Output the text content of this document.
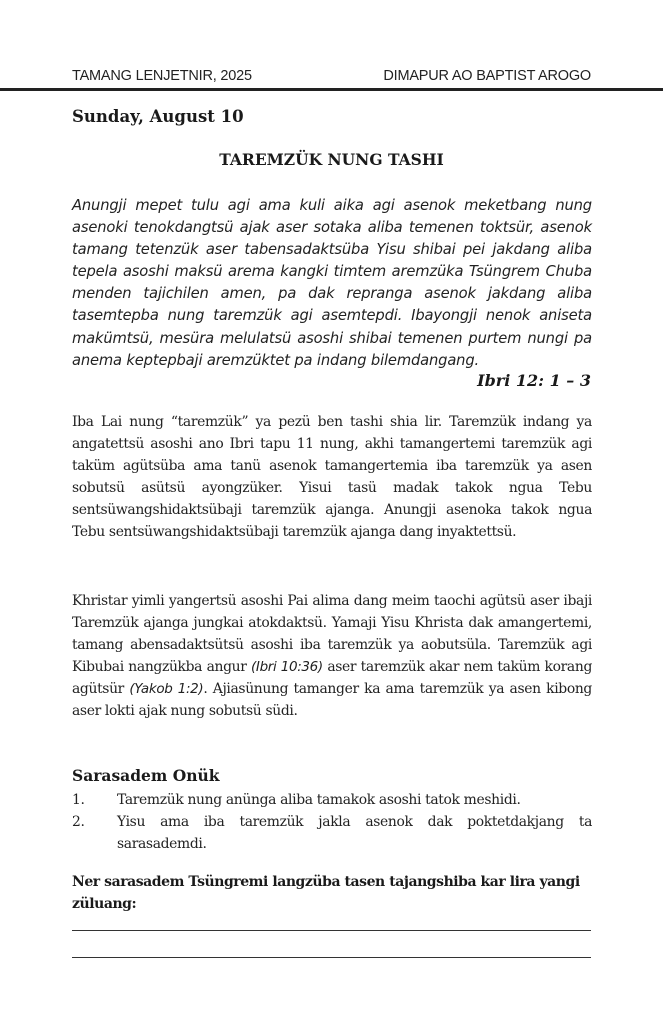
TAMANG LENJETNIR, 2025	DIMAPUR AO BAPTIST AROGO
Sunday, August 10
TAREMZÜK NUNG TASHI
Anungji mepet tulu agi ama kuli aika agi asenok meketbang nung asenoki tenokdangtsü ajak aser sotaka aliba temenen toktsür, asenok tamang tetenzük aser tabensadaktsüba Yisu shibai pei jakdang aliba tepela asoshi maksü arema kangki timtem aremzüka Tsüngrem Chuba menden tajichilen amen, pa dak repranga asenok jakdang aliba tasemtepba nung taremzük agi asemtepdi. Ibayongji nenok aniseta makümtsü, mesüra melulatsü asoshi shibai temenen purtem nungi pa anema keptepbaji aremzüktet pa indang bilemdangang.
Ibri 12: 1 – 3
Iba Lai nung “taremzük” ya pezü ben tashi shia lir. Taremzük indang ya angatettsü asoshi ano Ibri tapu 11 nung, akhi tamangertemi taremzük agi taküm agütsüba ama tanü asenok tamangertemia iba taremzük ya asen sobutsü asütsü ayongzüker. Yisui tasü madak takok ngua Tebu sentsüwangshidaktsübaji taremzük ajanga. Anungji asenoka takok ngua Tebu sentsüwangshidaktsübaji taremzük ajanga dang inyaktettsü.
Khristar yimli yangertsü asoshi Pai alima dang meim taochi agütsü aser ibaji Taremzük ajanga jungkai atokdaktsü. Yamaji Yisu Khrista dak amangertemi, tamang abensadaktsütsü asoshi iba taremzük ya aobutsüla. Taremzük agi Kibubai nangzükba angur (Ibri 10:36) aser taremzük akar nem taküm korang agütsür (Yakob 1:2). Ajiasünung tamanger ka ama taremzük ya asen kibong aser lokti ajak nung sobutsü südi.
Sarasadem Onük
1. Taremzük nung anünga aliba tamakok asoshi tatok meshidi.
2. Yisu ama iba taremzük jakla asenok dak poktetdakjang ta sarasademdi.
Ner sarasadem Tsüngremi langzüba tasen tajangshiba kar lira yangi züluang:
